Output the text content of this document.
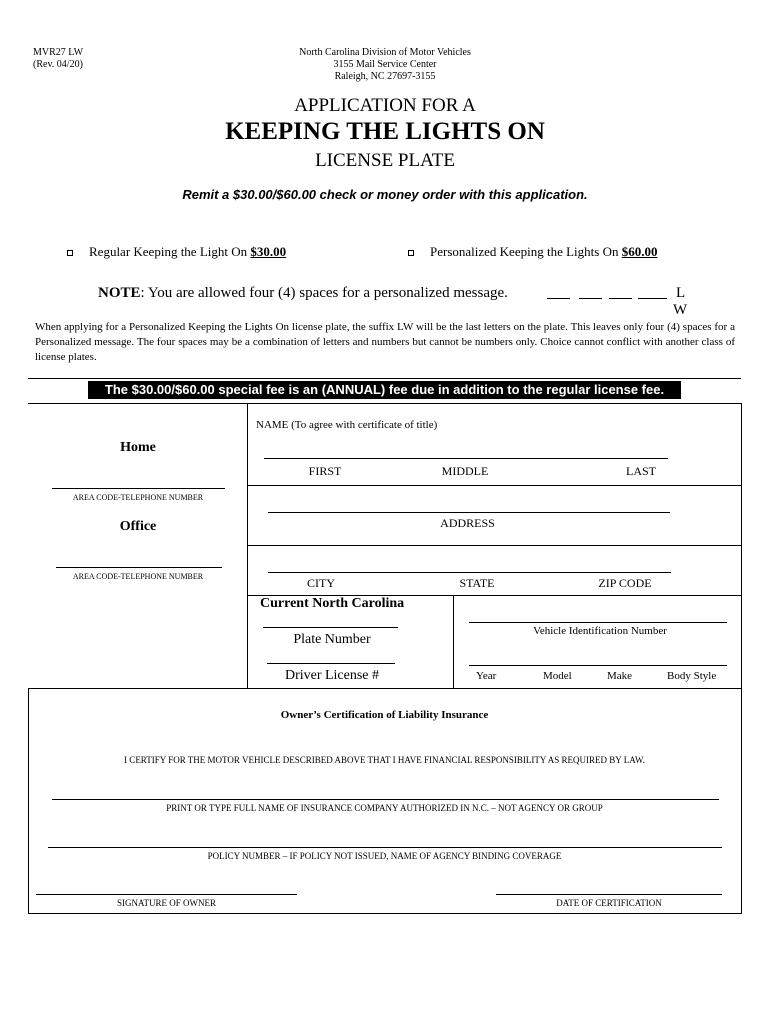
MVR27 LW
(Rev. 04/20)
North Carolina Division of Motor Vehicles
3155 Mail Service Center
Raleigh, NC 27697-3155
APPLICATION FOR A
KEEPING THE LIGHTS ON
LICENSE PLATE
Remit a $30.00/$60.00 check or money order with this application.
Regular Keeping the Light On $30.00	Personalized Keeping the Lights On $60.00
NOTE: You are allowed four (4) spaces for a personalized message.	L
W
When applying for a Personalized Keeping the Lights On license plate, the suffix LW will be the last letters on the plate. This leaves only four (4) spaces for a Personalized message. The four spaces may be a combination of letters and numbers but cannot be numbers only. Choice cannot conflict with another class of license plates.
The $30.00/$60.00 special fee is an (ANNUAL) fee due in addition to the regular license fee.
Home
AREA CODE-TELEPHONE NUMBER
Office
AREA CODE-TELEPHONE NUMBER
NAME (To agree with certificate of title)
FIRST	MIDDLE	LAST
ADDRESS
CITY	STATE	ZIP CODE
Current North Carolina
Plate Number
Driver License #
Vehicle Identification Number
Year	Model	Make	Body Style
Owner’s Certification of Liability Insurance
I CERTIFY FOR THE MOTOR VEHICLE DESCRIBED ABOVE THAT I HAVE FINANCIAL RESPONSIBILITY AS REQUIRED BY LAW.
PRINT OR TYPE FULL NAME OF INSURANCE COMPANY AUTHORIZED IN N.C. – NOT AGENCY OR GROUP
POLICY NUMBER – IF POLICY NOT ISSUED, NAME OF AGENCY BINDING COVERAGE
SIGNATURE OF OWNER	DATE OF CERTIFICATION
